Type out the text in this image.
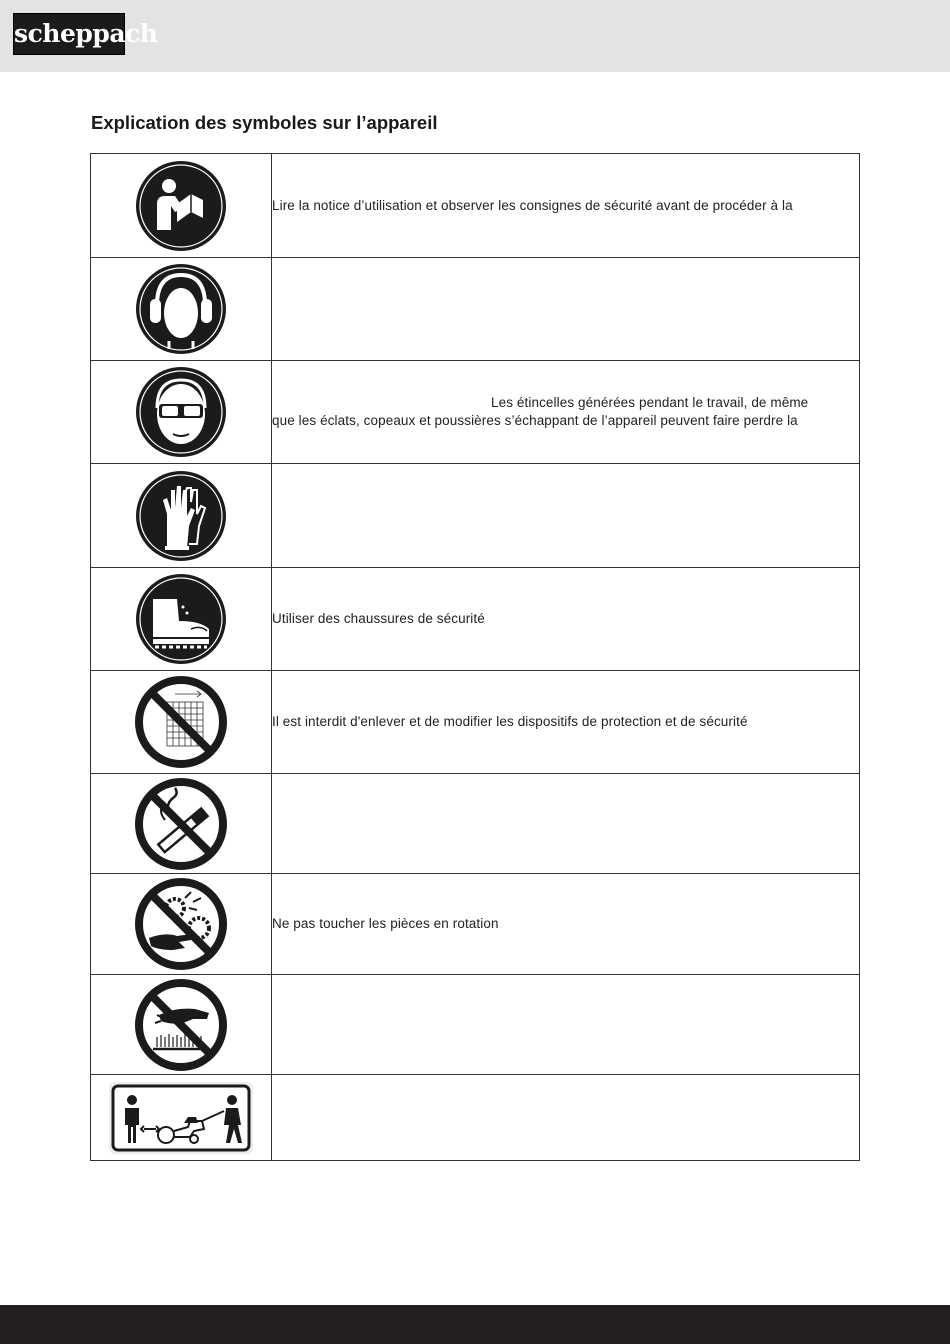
scheppach
Explication des symboles sur l’appareil
	Lire la notice d’utilisation et observer les consignes de sécurité avant de procéder à la

Les étincelles générées pendant le travail, de même
que les éclats, copeaux et poussières s’échappant de l’appareil peuvent faire perdre la

	Utiliser des chaussures de sécurité
	Il est interdit d'enlever et de modifier les dispositifs de protection et de sécurité

	Ne pas toucher les pièces en rotation
